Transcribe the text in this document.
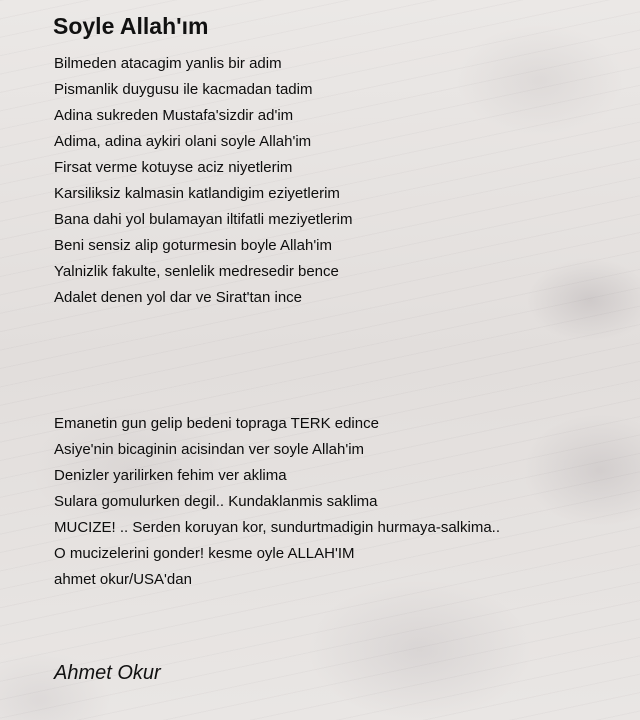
Soyle Allah'ım
Bilmeden atacagim yanlis bir adim
Pismanlik duygusu ile kacmadan tadim
Adina sukreden Mustafa'sizdir ad'im
Adima, adina aykiri olani soyle Allah'im
Firsat verme kotuyse aciz niyetlerim
Karsiliksiz kalmasin katlandigim eziyetlerim
Bana dahi yol bulamayan iltifatli meziyetlerim
Beni sensiz alip goturmesin boyle Allah'im
Yalnizlik fakulte, senlelik medresedir bence
Adalet denen yol dar ve Sirat'tan ince
Emanetin gun gelip bedeni topraga TERK edince
Asiye'nin bicaginin acisindan ver soyle Allah'im
Denizler yarilirken fehim ver aklima
Sulara gomulurken degil.. Kundaklanmis saklima
MUCIZE! .. Serden koruyan kor, sundurtmadigin hurmaya-salkima..
O mucizelerini gonder! kesme oyle ALLAH'IM
ahmet okur/USA'dan
Ahmet Okur
